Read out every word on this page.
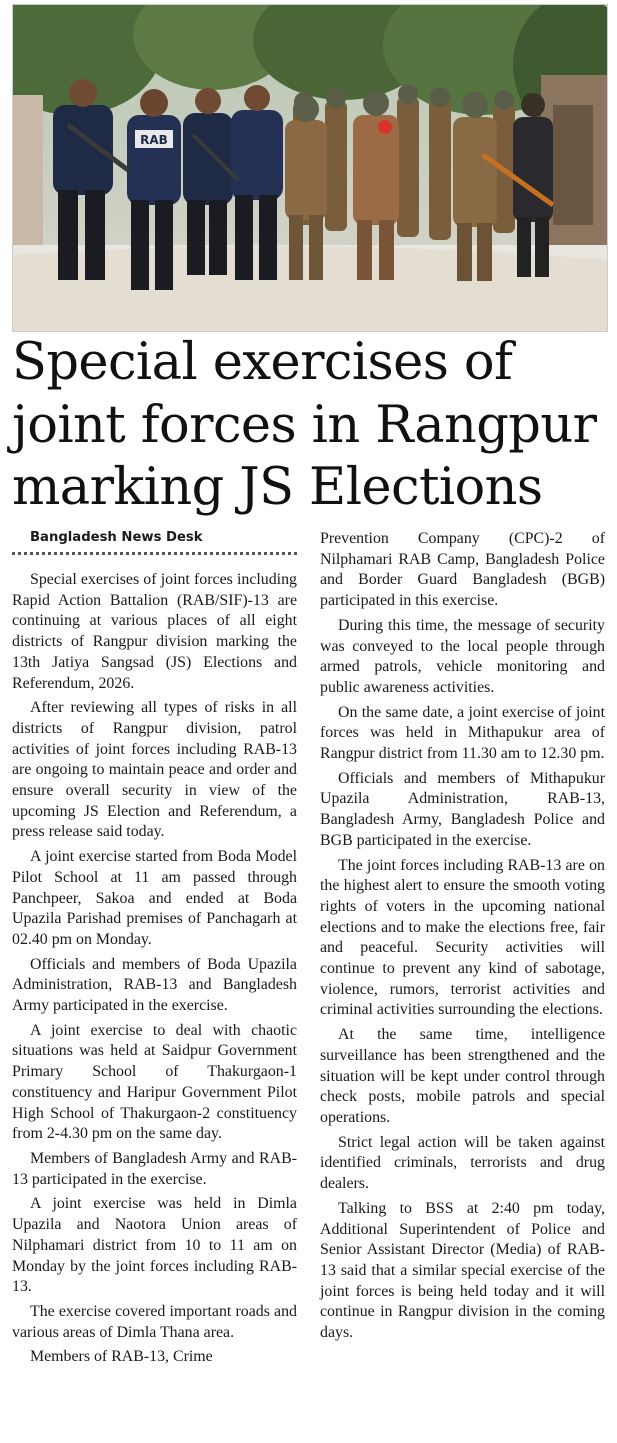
RAB
Special exercises of joint forces in Rangpur marking JS Elections

Bangladesh News Desk

Special exercises of joint forces including Rapid Action Battalion (RAB/SIF)-13 are continuing at various places of all eight districts of Rangpur division marking the 13th Jatiya Sangsad (JS) Elections and Referendum, 2026.

After reviewing all types of risks in all districts of Rangpur division, patrol activities of joint forces including RAB-13 are ongoing to maintain peace and order and ensure overall security in view of the upcoming JS Election and Referendum, a press release said today.

A joint exercise started from Boda Model Pilot School at 11 am passed through Panchpeer, Sakoa and ended at Boda Upazila Parishad premises of Panchagarh at 02.40 pm on Monday.

Officials and members of Boda Upazila Administration, RAB-13 and Bangladesh Army participated in the exercise.

A joint exercise to deal with chaotic situations was held at Saidpur Government Primary School of Thakurgaon-1 constituency and Haripur Government Pilot High School of Thakurgaon-2 constituency from 2-4.30 pm on the same day.

Members of Bangladesh Army and RAB-13 participated in the exercise.

A joint exercise was held in Dimla Upazila and Naotora Union areas of Nilphamari district from 10 to 11 am on Monday by the joint forces including RAB-13.

The exercise covered important roads and various areas of Dimla Thana area.

Members of RAB-13, Crime

Prevention Company (CPC)-2 of Nilphamari RAB Camp, Bangladesh Police and Border Guard Bangladesh (BGB) participated in this exercise.

During this time, the message of security was conveyed to the local people through armed patrols, vehicle monitoring and public awareness activities.

On the same date, a joint exercise of joint forces was held in Mithapukur area of Rangpur district from 11.30 am to 12.30 pm.

Officials and members of Mithapukur Upazila Administration, RAB-13, Bangladesh Army, Bangladesh Police and BGB participated in the exercise.

The joint forces including RAB-13 are on the highest alert to ensure the smooth voting rights of voters in the upcoming national elections and to make the elections free, fair and peaceful. Security activities will continue to prevent any kind of sabotage, violence, rumors, terrorist activities and criminal activities surrounding the elections.

At the same time, intelligence surveillance has been strengthened and the situation will be kept under control through check posts, mobile patrols and special operations.

Strict legal action will be taken against identified criminals, terrorists and drug dealers.

Talking to BSS at 2:40 pm today, Additional Superintendent of Police and Senior Assistant Director (Media) of RAB-13 said that a similar special exercise of the joint forces is being held today and it will continue in Rangpur division in the coming days.
